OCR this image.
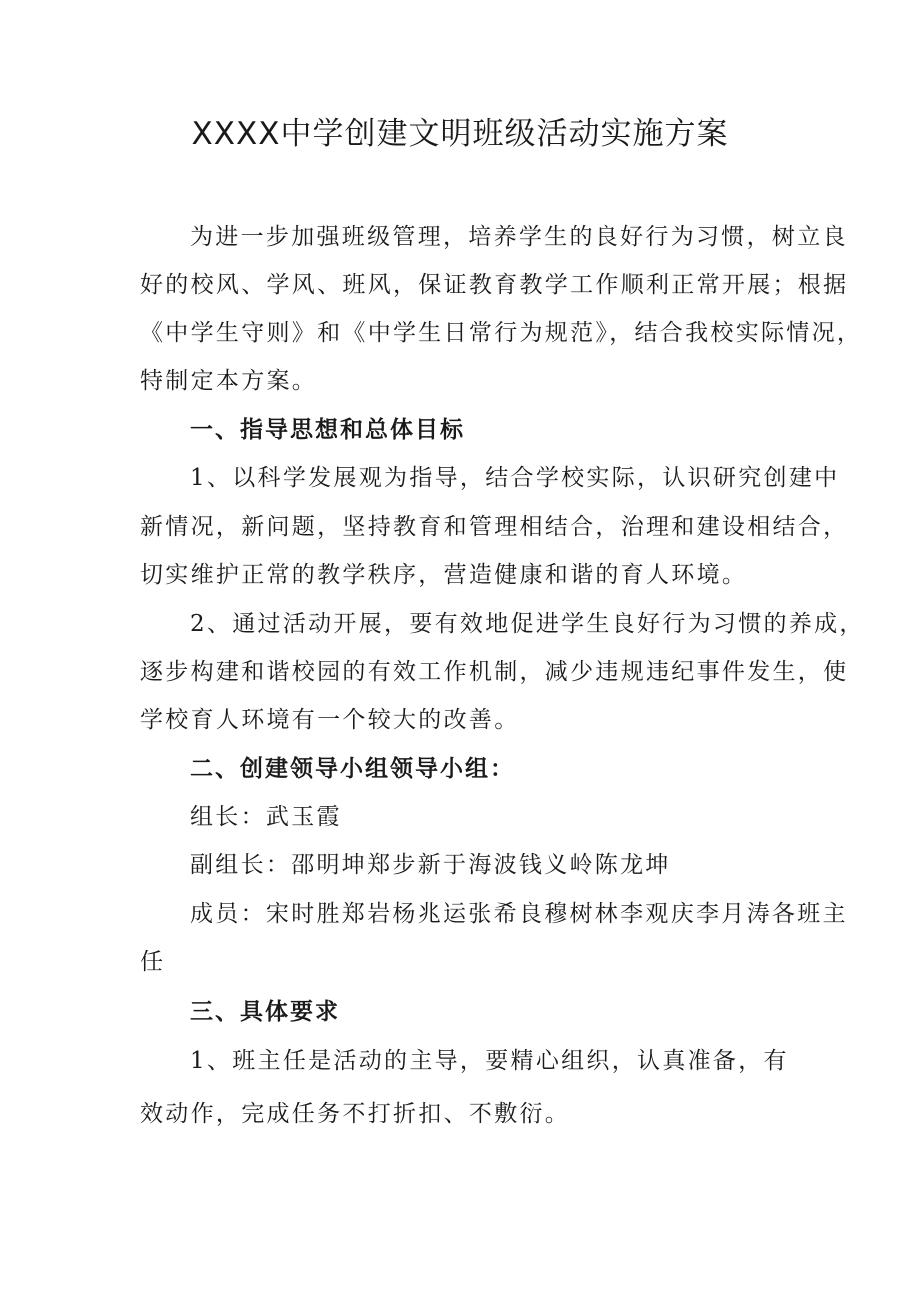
XXXX中学创建文明班级活动实施方案

为进一步加强班级管理，培养学生的良好行为习惯，树立良

好的校风、学风、班风，保证教育教学工作顺利正常开展；根据

《中学生守则》和《中学生日常行为规范》，结合我校实际情况，

特制定本方案。

一、指导思想和总体目标

1、以科学发展观为指导，结合学校实际，认识研究创建中

新情况，新问题，坚持教育和管理相结合，治理和建设相结合，

切实维护正常的教学秩序，营造健康和谐的育人环境。

2、通过活动开展，要有效地促进学生良好行为习惯的养成，

逐步构建和谐校园的有效工作机制，减少违规违纪事件发生，使

学校育人环境有一个较大的改善。

二、创建领导小组领导小组：

组长：武玉霞

副组长：邵明坤郑步新于海波钱义岭陈龙坤

成员：宋时胜郑岩杨兆运张希良穆树林李观庆李月涛各班主

任

三、具体要求

1、班主任是活动的主导，要精心组织，认真准备，有

效动作，完成任务不打折扣、不敷衍。
